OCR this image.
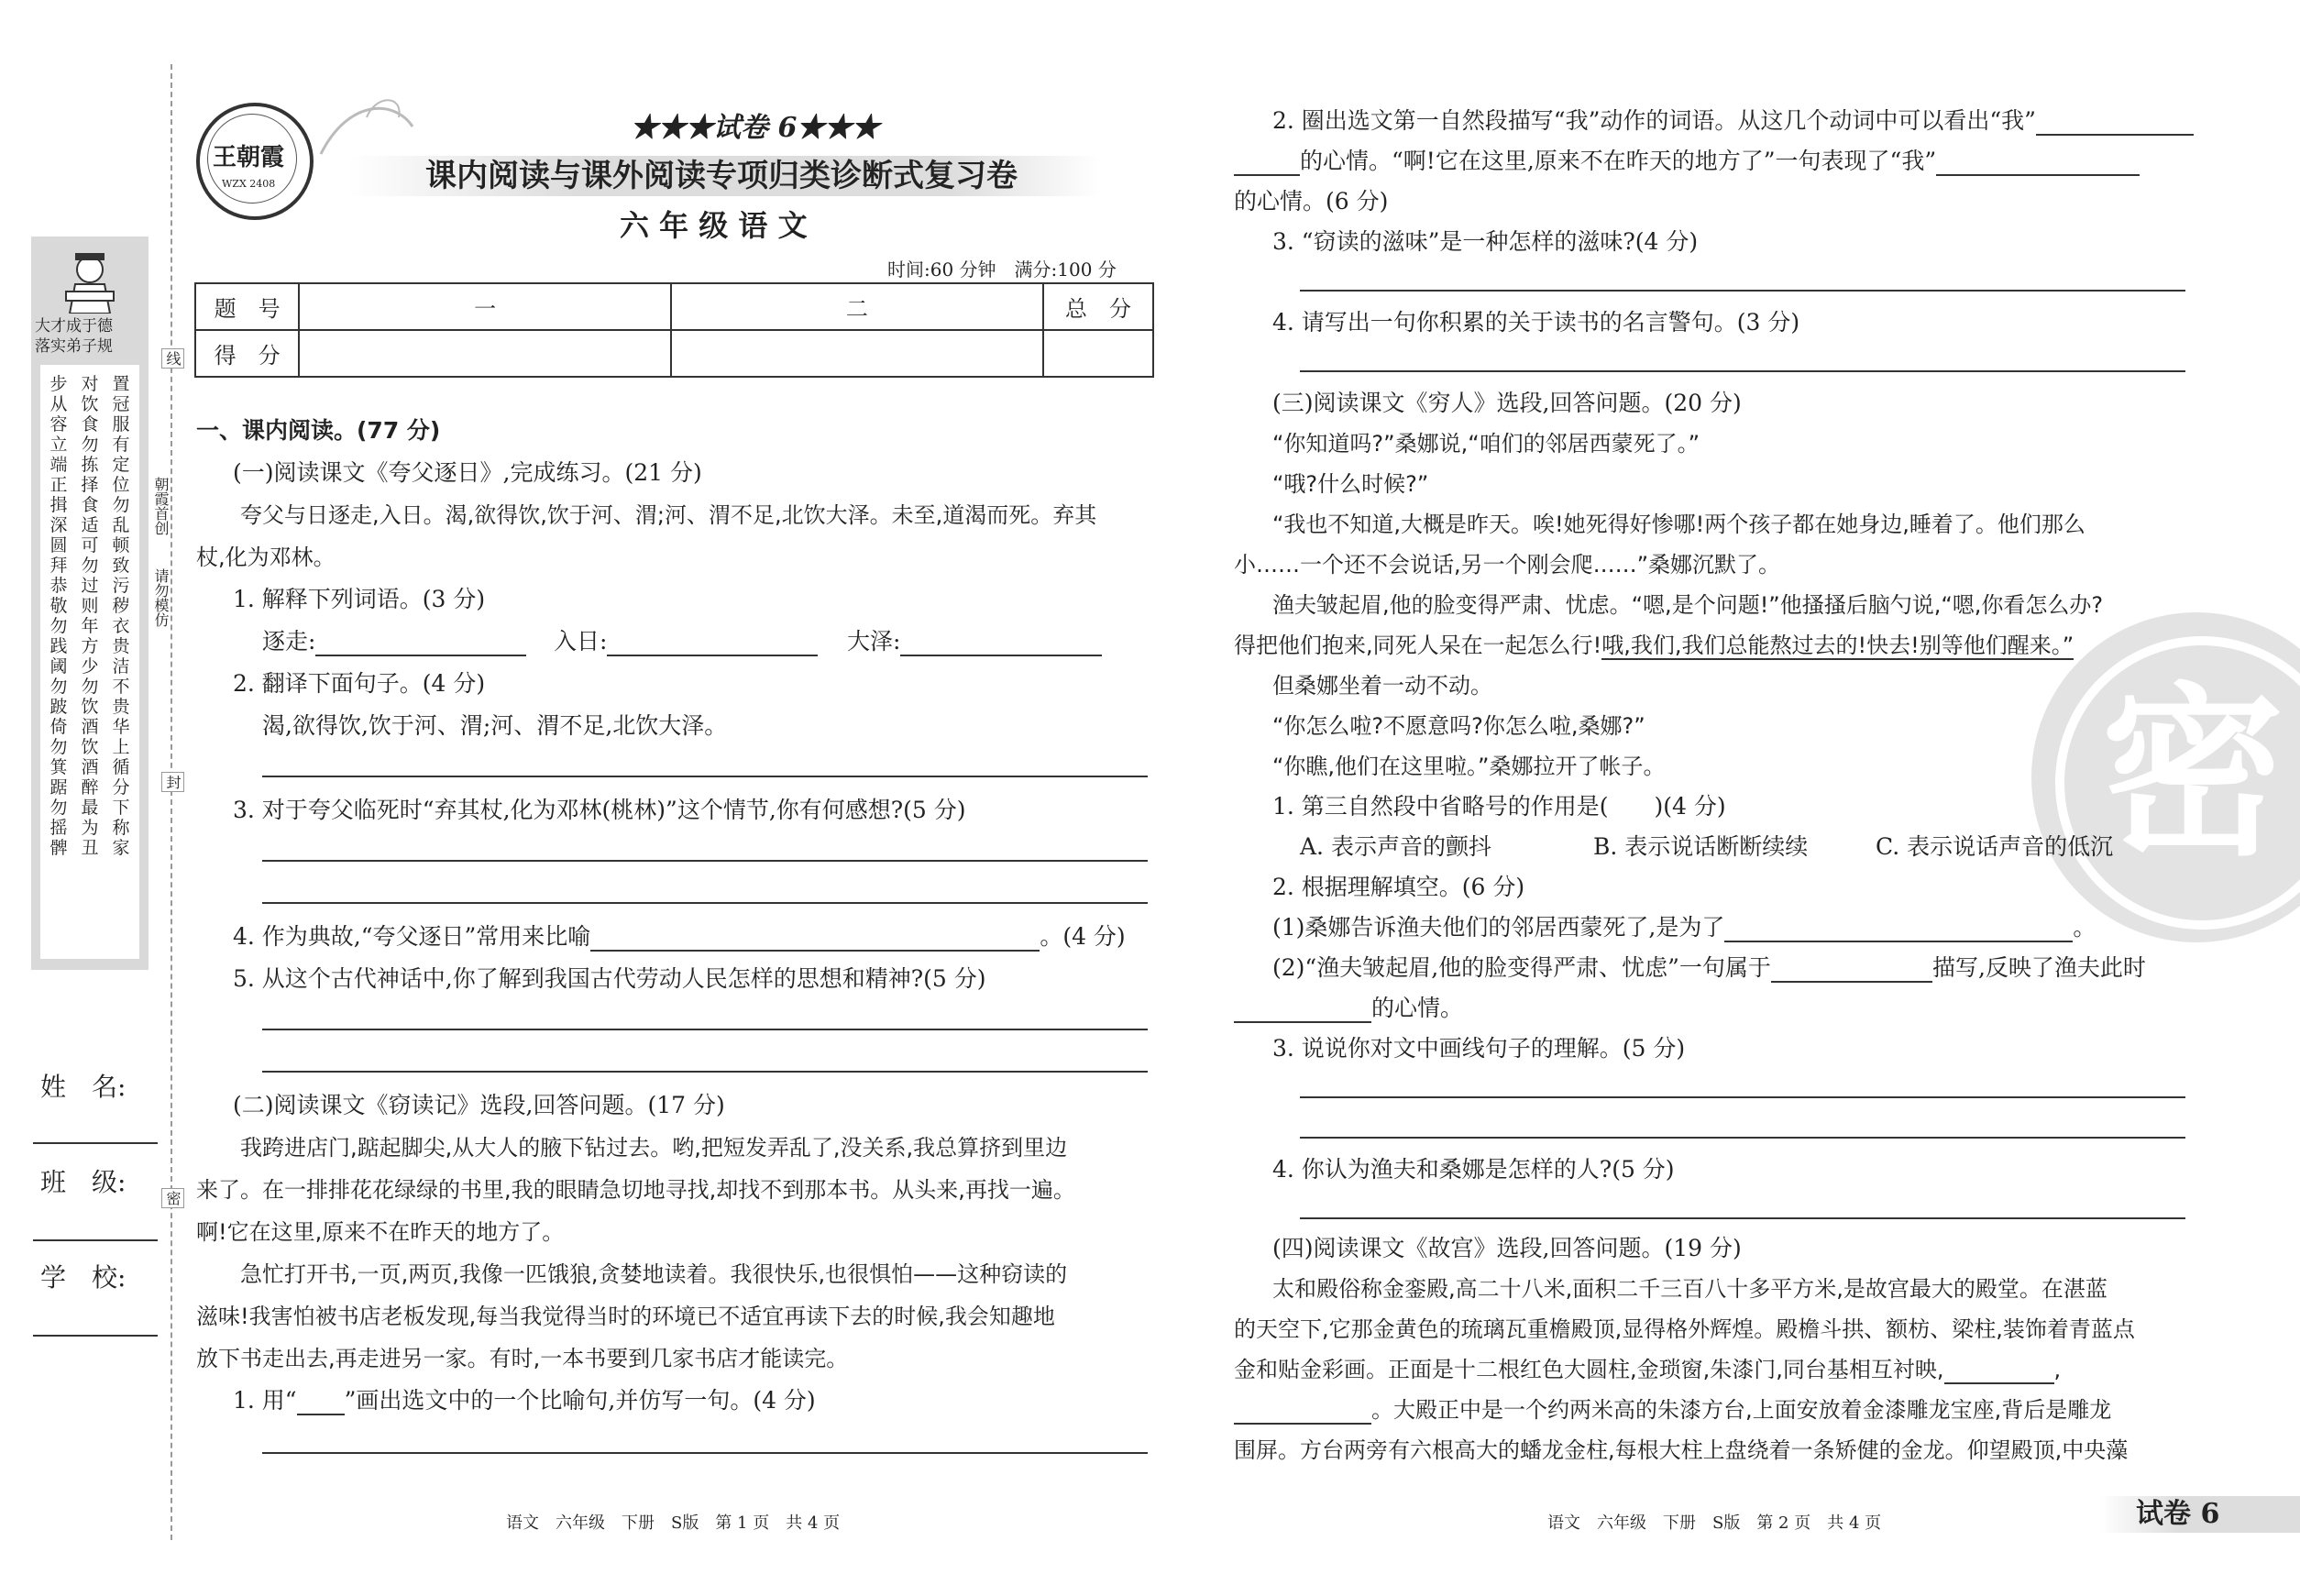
大才成于德
落实弟子规
步从容立端正揖深圆拜恭敬勿践阈勿跛倚勿箕踞勿摇髀
对饮食勿拣择食适可勿过则年方少勿饮酒饮酒醉最为丑
置冠服有定位勿乱顿致污秽衣贵洁不贵华上循分下称家
线
封
密
朝霞首创
请勿模仿
姓　名:
班　级:
学　校:
王朝霞
WZX 2408
★★★试卷 6★★★
课内阅读与课外阅读专项归类诊断式复习卷
六 年 级 语 文
时间:60 分钟　满分:100 分
题　号	一	二	总　分
得　分			
一、课内阅读。(77 分)
(一)阅读课文《夸父逐日》,完成练习。(21 分)
夸父与日逐走,入日。渴,欲得饮,饮于河、渭;河、渭不足,北饮大泽。未至,道渴而死。弃其
杖,化为邓林。
1. 解释下列词语。(3 分)
逐走:	入日:	大泽:
2. 翻译下面句子。(4 分)
渴,欲得饮,饮于河、渭;河、渭不足,北饮大泽。
3. 对于夸父临死时“弃其杖,化为邓林(桃林)”这个情节,你有何感想?(5 分)
4. 作为典故,“夸父逐日”常用来比喻	。(4 分)
5. 从这个古代神话中,你了解到我国古代劳动人民怎样的思想和精神?(5 分)
(二)阅读课文《窃读记》选段,回答问题。(17 分)
我跨进店门,踮起脚尖,从大人的腋下钻过去。哟,把短发弄乱了,没关系,我总算挤到里边
来了。在一排排花花绿绿的书里,我的眼睛急切地寻找,却找不到那本书。从头来,再找一遍。
啊!它在这里,原来不在昨天的地方了。
急忙打开书,一页,两页,我像一匹饿狼,贪婪地读着。我很快乐,也很惧怕——这种窃读的
滋味!我害怕被书店老板发现,每当我觉得当时的环境已不适宜再读下去的时候,我会知趣地
放下书走出去,再走进另一家。有时,一本书要到几家书店才能读完。
1. 用“ ”画出选文中的一个比喻句,并仿写一句。(4 分)
语文　六年级　下册　S版　第 1 页　共 4 页
密
2. 圈出选文第一自然段描写“我”动作的词语。从这几个动词中可以看出“我”
的心情。“啊!它在这里,原来不在昨天的地方了”一句表现了“我”
的心情。(6 分)
3. “窃读的滋味”是一种怎样的滋味?(4 分)
4. 请写出一句你积累的关于读书的名言警句。(3 分)
(三)阅读课文《穷人》选段,回答问题。(20 分)
“你知道吗?”桑娜说,“咱们的邻居西蒙死了。”
“哦?什么时候?”
“我也不知道,大概是昨天。唉!她死得好惨哪!两个孩子都在她身边,睡着了。他们那么
小……一个还不会说话,另一个刚会爬……”桑娜沉默了。
渔夫皱起眉,他的脸变得严肃、忧虑。“嗯,是个问题!”他搔搔后脑勺说,“嗯,你看怎么办?
得把他们抱来,同死人呆在一起怎么行!哦,我们,我们总能熬过去的!快去!别等他们醒来。”
但桑娜坐着一动不动。
“你怎么啦?不愿意吗?你怎么啦,桑娜?”
“你瞧,他们在这里啦。”桑娜拉开了帐子。
1. 第三自然段中省略号的作用是(　　)(4 分)
A. 表示声音的颤抖	B. 表示说话断断续续	C. 表示说话声音的低沉
2. 根据理解填空。(6 分)
(1)桑娜告诉渔夫他们的邻居西蒙死了,是为了	。
(2)“渔夫皱起眉,他的脸变得严肃、忧虑”一句属于	描写,反映了渔夫此时
的心情。
3. 说说你对文中画线句子的理解。(5 分)
4. 你认为渔夫和桑娜是怎样的人?(5 分)
(四)阅读课文《故宫》选段,回答问题。(19 分)
太和殿俗称金銮殿,高二十八米,面积二千三百八十多平方米,是故宫最大的殿堂。在湛蓝
的天空下,它那金黄色的琉璃瓦重檐殿顶,显得格外辉煌。殿檐斗拱、额枋、梁柱,装饰着青蓝点
金和贴金彩画。正面是十二根红色大圆柱,金琐窗,朱漆门,同台基相互衬映,	,
。大殿正中是一个约两米高的朱漆方台,上面安放着金漆雕龙宝座,背后是雕龙
围屏。方台两旁有六根高大的蟠龙金柱,每根大柱上盘绕着一条矫健的金龙。仰望殿顶,中央藻
语文　六年级　下册　S版　第 2 页　共 4 页	试卷 6
